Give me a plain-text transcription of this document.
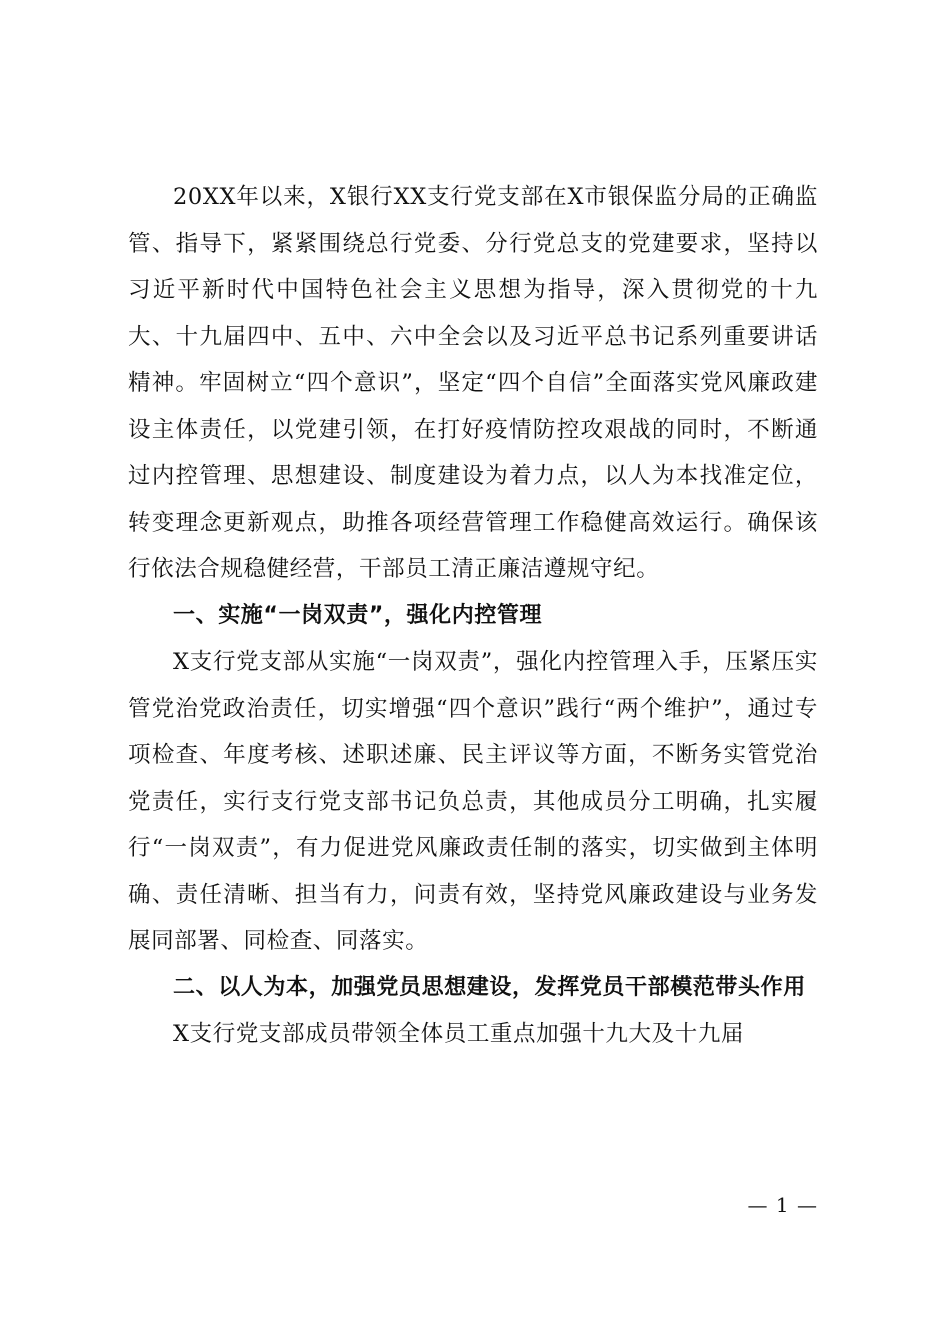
20XX年以来，X银行XX支行党支部在X市银保监分局的正确监管、指导下，紧紧围绕总行党委、分行党总支的党建要求，坚持以习近平新时代中国特色社会主义思想为指导，深入贯彻党的十九大、十九届四中、五中、六中全会以及习近平总书记系列重要讲话精神。牢固树立“四个意识”，坚定“四个自信”全面落实党风廉政建设主体责任，以党建引领，在打好疫情防控攻艰战的同时，不断通过内控管理、思想建设、制度建设为着力点，以人为本找准定位，转变理念更新观点，助推各项经营管理工作稳健高效运行。确保该行依法合规稳健经营，干部员工清正廉洁遵规守纪。

一、实施“一岗双责”，强化内控管理

X支行党支部从实施“一岗双责”，强化内控管理入手，压紧压实管党治党政治责任，切实增强“四个意识”践行“两个维护”，通过专项检查、年度考核、述职述廉、民主评议等方面，不断务实管党治党责任，实行支行党支部书记负总责，其他成员分工明确，扎实履行“一岗双责”，有力促进党风廉政责任制的落实，切实做到主体明确、责任清晰、担当有力，问责有效，坚持党风廉政建设与业务发展同部署、同检查、同落实。

二、以人为本，加强党员思想建设，发挥党员干部模范带头作用

X支行党支部成员带领全体员工重点加强十九大及十九届

— 1 —
